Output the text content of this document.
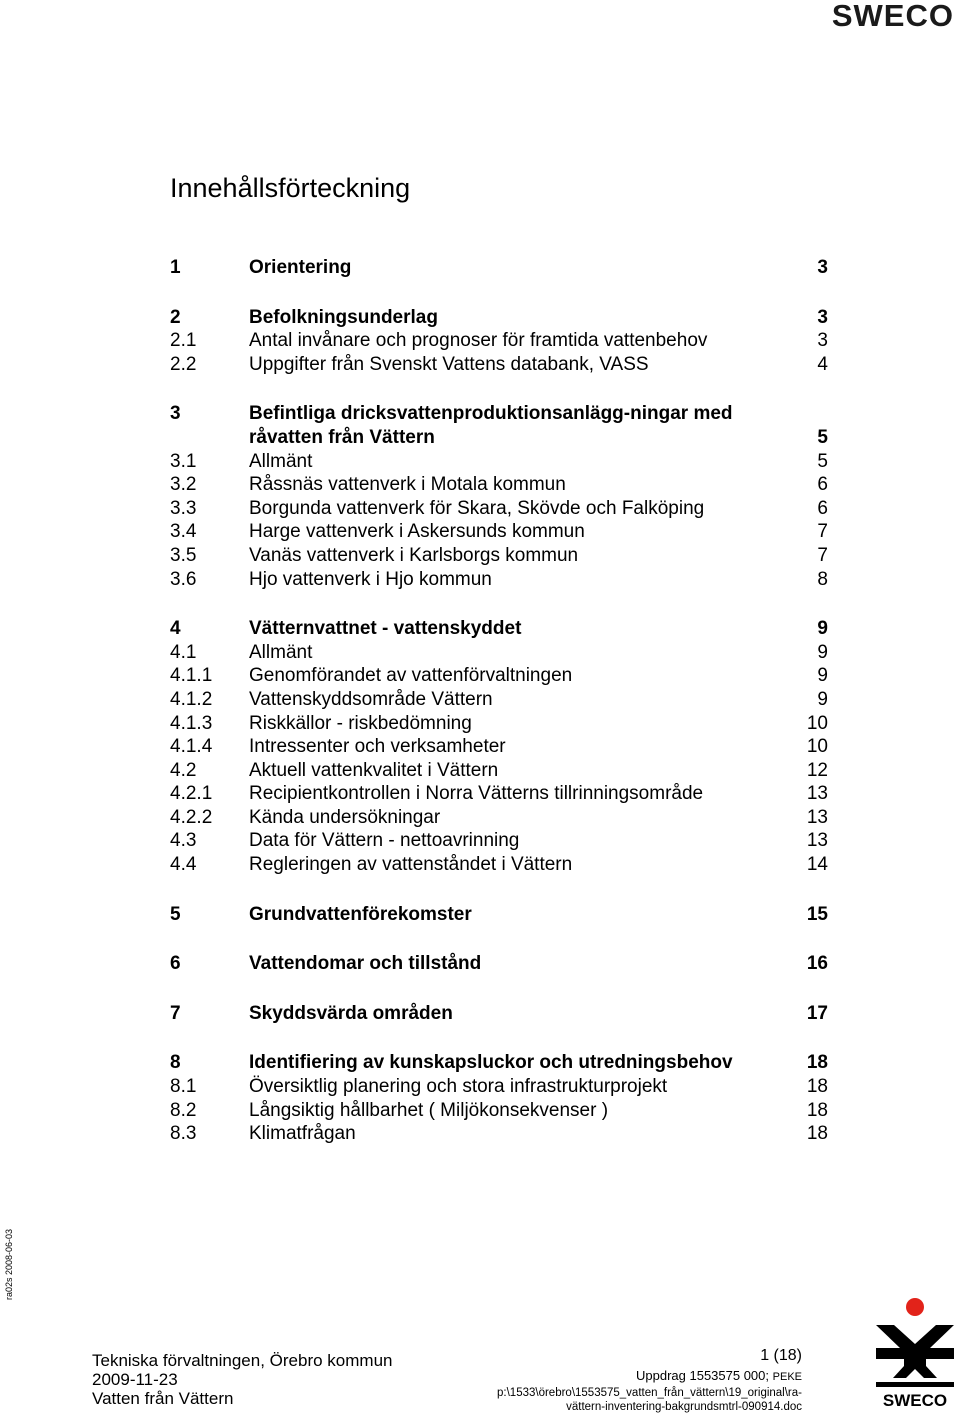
SWECO
Innehållsförteckning
1	Orientering	3
2	Befolkningsunderlag	3
2.1	Antal invånare och prognoser för framtida vattenbehov	3
2.2	Uppgifter från Svenskt Vattens databank, VASS	4
3	Befintliga dricksvattenproduktionsanlägg-ningar med råvatten från Vättern	5
3.1	Allmänt	5
3.2	Råssnäs vattenverk i Motala kommun	6
3.3	Borgunda vattenverk för Skara, Skövde och Falköping	6
3.4	Harge vattenverk i Askersunds kommun	7
3.5	Vanäs vattenverk i Karlsborgs kommun	7
3.6	Hjo vattenverk i Hjo kommun	8
4	Vätternvattnet - vattenskyddet	9
4.1	Allmänt	9
4.1.1 Genomförandet av vattenförvaltningen	9
4.1.2 Vattenskyddsområde Vättern	9
4.1.3 Riskkällor - riskbedömning	10
4.1.4 Intressenter och verksamheter	10
4.2	Aktuell vattenkvalitet i Vättern	12
4.2.1 Recipientkontrollen i Norra Vätterns tillrinningsområde	13
4.2.2 Kända undersökningar	13
4.3	Data för Vättern - nettoavrinning	13
4.4	Regleringen av vattenståndet i Vättern	14
5	Grundvattenförekomster	15
6	Vattendomar och tillstånd	16
7	Skyddsvärda områden	17
8	Identifiering av kunskapsluckor och utredningsbehov	18
8.1	Översiktlig planering och stora infrastrukturprojekt	18
8.2	Långsiktig hållbarhet ( Miljökonsekvenser )	18
8.3	Klimatfrågan	18
ra02s 2008-06-03
Tekniska förvaltningen, Örebro kommun
2009-11-23
Vatten från Vättern
1 (18)
Uppdrag 1553575 000; PEKE
p:\1533\örebro\1553575_vatten_från_vättern\19_original\ra-
vättern-inventering-bakgrundsmtrl-090914.doc	SWECO
